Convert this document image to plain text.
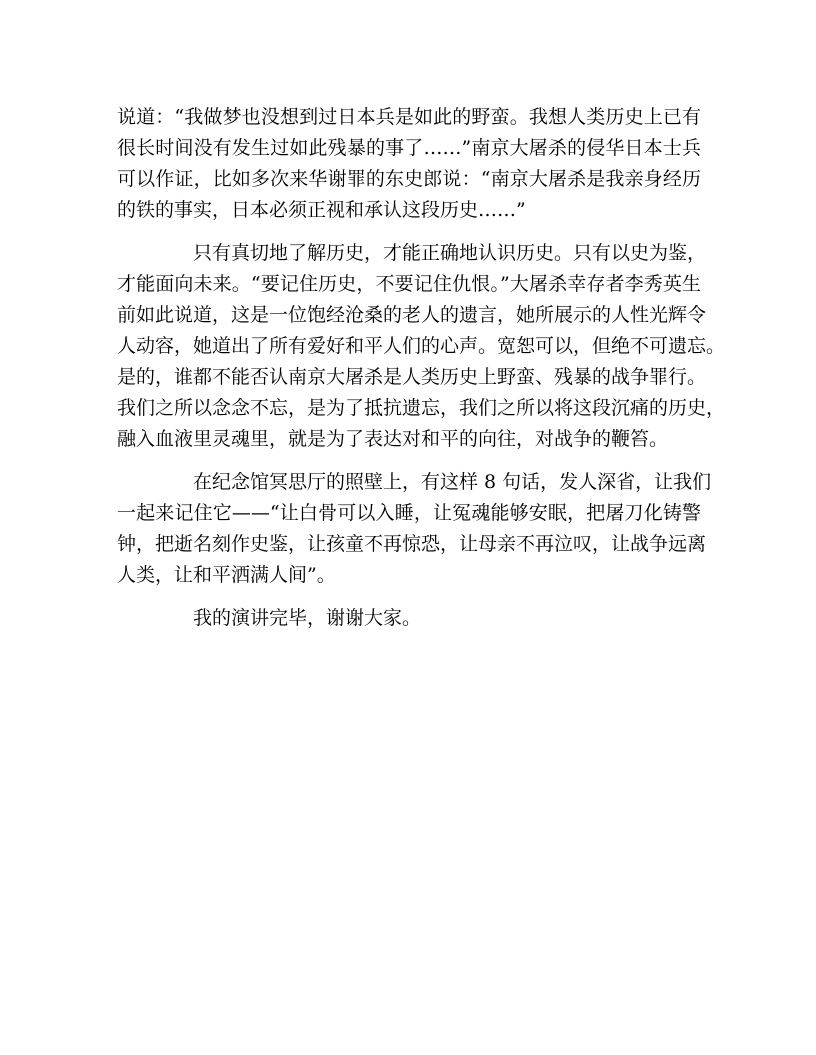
说道：“我做梦也没想到过日本兵是如此的野蛮。我想人类历史上已有
很长时间没有发生过如此残暴的事了……”南京大屠杀的侵华日本士兵
可以作证，比如多次来华谢罪的东史郎说：“南京大屠杀是我亲身经历
的铁的事实，日本必须正视和承认这段历史……”
只有真切地了解历史，才能正确地认识历史。只有以史为鉴，
才能面向未来。“要记住历史，不要记住仇恨。”大屠杀幸存者李秀英生
前如此说道，这是一位饱经沧桑的老人的遗言，她所展示的人性光辉令
人动容，她道出了所有爱好和平人们的心声。宽恕可以，但绝不可遗忘。
是的，谁都不能否认南京大屠杀是人类历史上野蛮、残暴的战争罪行。
我们之所以念念不忘，是为了抵抗遗忘，我们之所以将这段沉痛的历史，
融入血液里灵魂里，就是为了表达对和平的向往，对战争的鞭笞。
在纪念馆冥思厅的照壁上，有这样 8 句话，发人深省，让我们
一起来记住它——“让白骨可以入睡，让冤魂能够安眠，把屠刀化铸警
钟，把逝名刻作史鉴，让孩童不再惊恐，让母亲不再泣叹，让战争远离
人类，让和平洒满人间”。
我的演讲完毕，谢谢大家。
